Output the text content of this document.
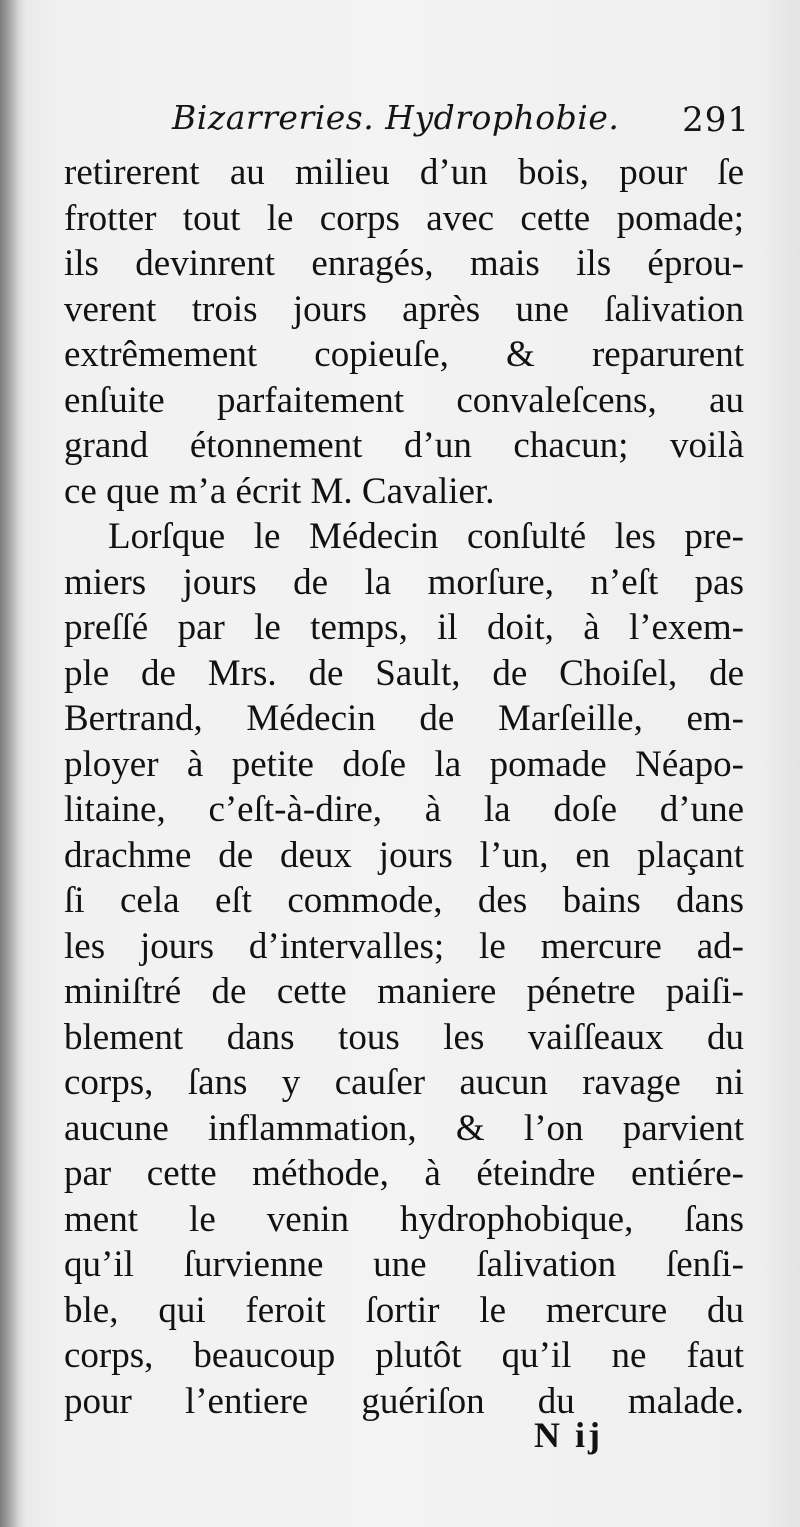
Bizarreries. Hydrophobie. 291
retirerent au milieu d’un bois, pour ſe
frotter tout le corps avec cette pomade;
ils devinrent enragés, mais ils éprou-
verent trois jours après une ſalivation
extrêmement copieuſe, & reparurent
enſuite parfaitement convaleſcens, au
grand étonnement d’un chacun; voilà
ce que m’a écrit M. Cavalier.
Lorſque le Médecin conſulté les pre-
miers jours de la morſure, n’eſt pas
preſſé par le temps, il doit, à l’exem-
ple de Mrs. de Sault, de Choiſel, de
Bertrand, Médecin de Marſeille, em-
ployer à petite doſe la pomade Néapo-
litaine, c’eſt-à-dire, à la doſe d’une
drachme de deux jours l’un, en plaçant
ſi cela eſt commode, des bains dans
les jours d’intervalles; le mercure ad-
miniſtré de cette maniere pénetre paiſi-
blement dans tous les vaiſſeaux du
corps, ſans y cauſer aucun ravage ni
aucune inflammation, & l’on parvient
par cette méthode, à éteindre entiére-
ment le venin hydrophobique, ſans
qu’il ſurvienne une ſalivation ſenſi-
ble, qui feroit ſortir le mercure du
corps, beaucoup plutôt qu’il ne faut
pour l’entiere guériſon du malade.
N ij
